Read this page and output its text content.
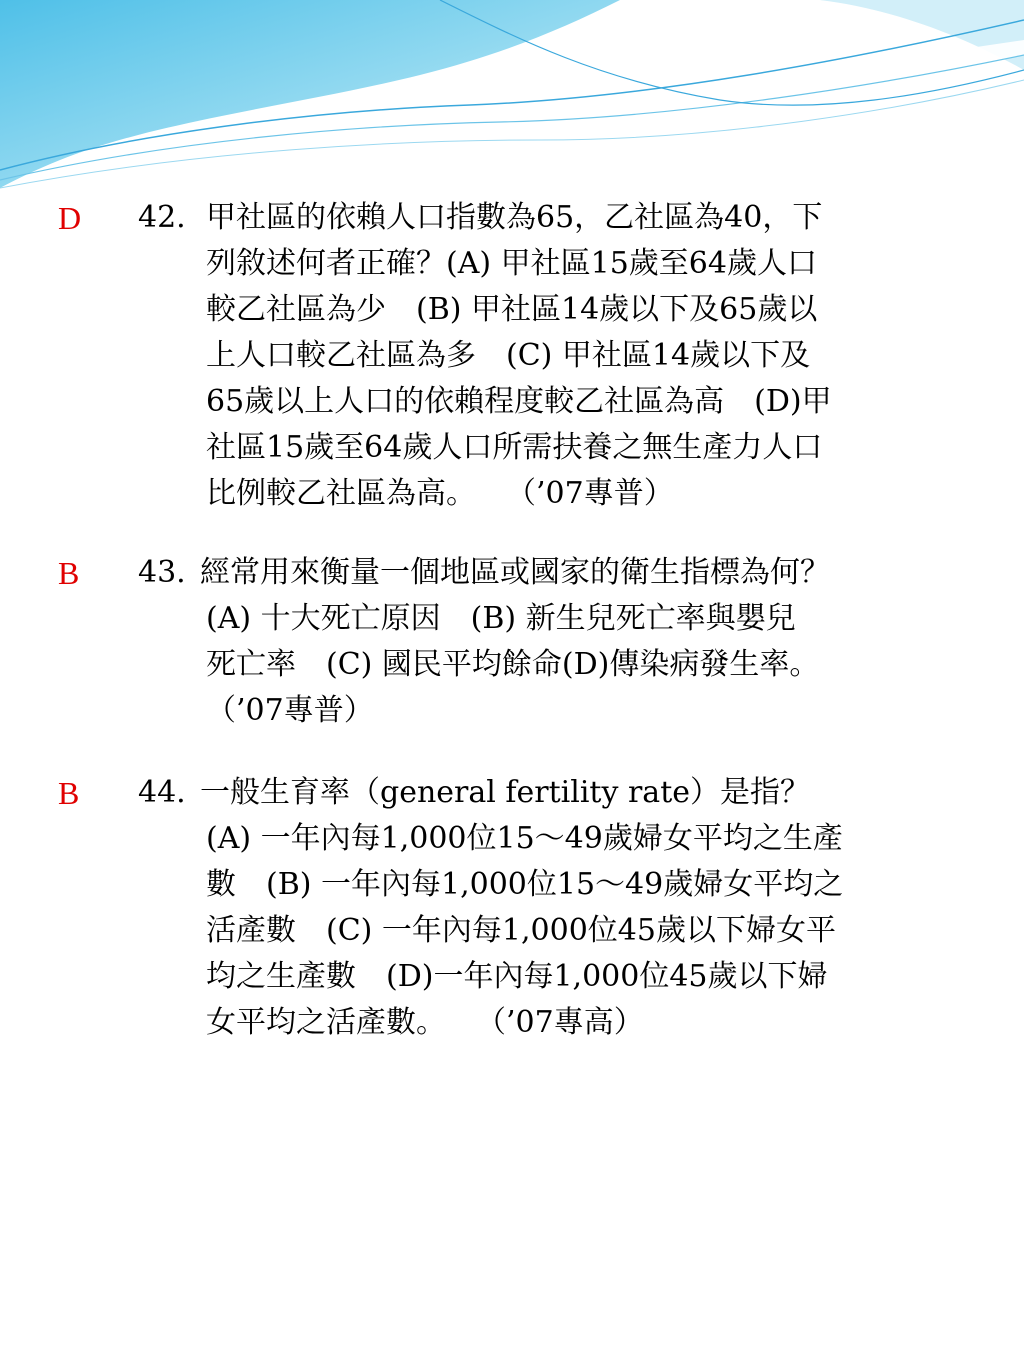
D 42. 甲社區的依賴人口指數為65，乙社區為40，下
列敘述何者正確？(A) 甲社區15歲至64歲人口
較乙社區為少　(B) 甲社區14歲以下及65歲以
上人口較乙社區為多　(C) 甲社區14歲以下及
65歲以上人口的依賴程度較乙社區為高　(D)甲
社區15歲至64歲人口所需扶養之無生產力人口
比例較乙社區為高。　　（’07專普）
B 43. 經常用來衡量一個地區或國家的衛生指標為何？
(A) 十大死亡原因　(B) 新生兒死亡率與嬰兒
死亡率　(C) 國民平均餘命(D)傳染病發生率。
（’07專普）
B 44. 一般生育率（general fertility rate）是指？
(A) 一年內每1,000位15～49歲婦女平均之生產
數　(B) 一年內每1,000位15～49歲婦女平均之
活產數　(C) 一年內每1,000位45歲以下婦女平
均之生產數　(D)一年內每1,000位45歲以下婦
女平均之活產數。　　（’07專高）
